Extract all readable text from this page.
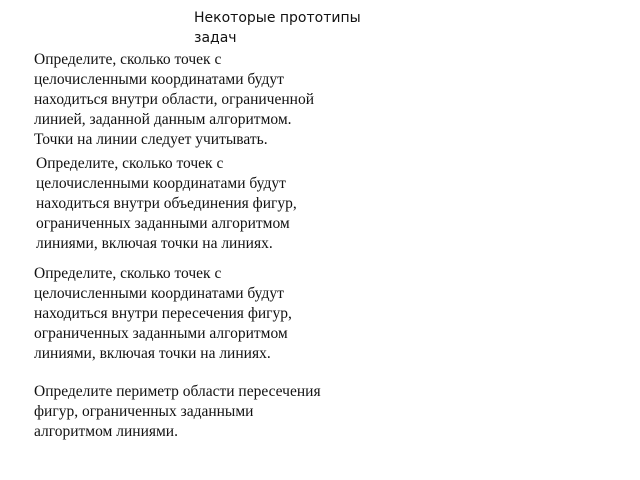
Некоторые прототипы
задач
Определите, сколько точек с
целочисленными координатами будут
находиться внутри области, ограниченной
линией, заданной данным алгоритмом.
Точки на линии следует учитывать.
Определите, сколько точек с
целочисленными координатами будут
находиться внутри объединения фигур,
ограниченных заданными алгоритмом
линиями, включая точки на линиях.
Определите, сколько точек с
целочисленными координатами будут
находиться внутри пересечения фигур,
ограниченных заданными алгоритмом
линиями, включая точки на линиях.
Определите периметр области пересечения
фигур, ограниченных заданными
алгоритмом линиями.
